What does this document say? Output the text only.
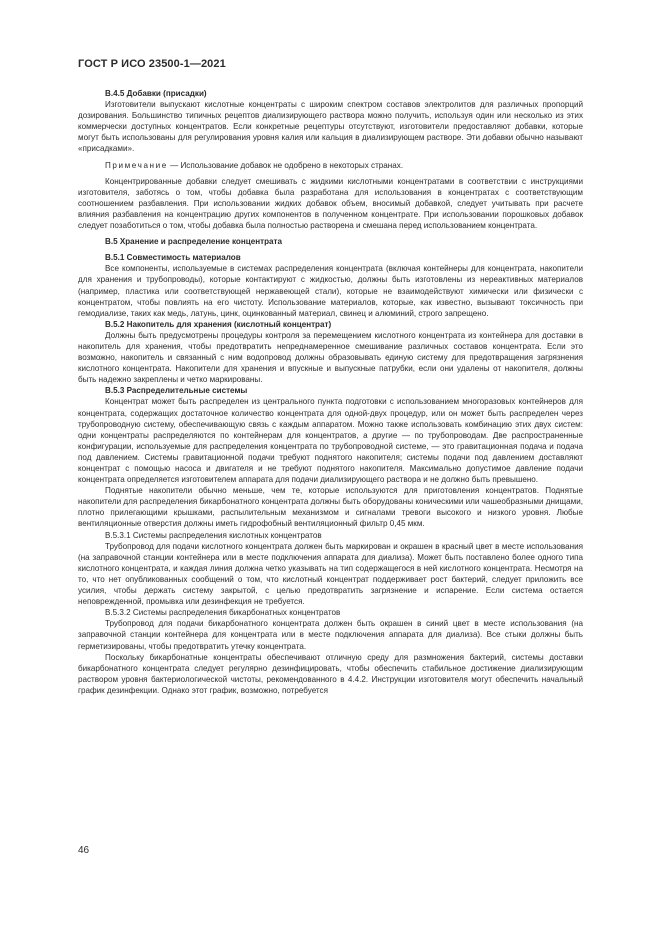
ГОСТ Р ИСО 23500-1—2021
В.4.5 Добавки (присадки)

Изготовители выпускают кислотные концентраты с широким спектром составов электролитов для различных пропорций дозирования. Большинство типичных рецептов диализирующего раствора можно получить, используя один или несколько из этих коммерчески доступных концентратов. Если конкретные рецептуры отсутствуют, изготовители предоставляют добавки, которые могут быть использованы для регулирования уровня калия или кальция в диализирующем растворе. Эти добавки обычно называют «присадками».

Примечание — Использование добавок не одобрено в некоторых странах.

Концентрированные добавки следует смешивать с жидкими кислотными концентратами в соответствии с инструкциями изготовителя, заботясь о том, чтобы добавка была разработана для использования в концентратах с соответствующим соотношением разбавления. При использовании жидких добавок объем, вносимый добавкой, следует учитывать при расчете влияния разбавления на концентрацию других компонентов в полученном концентрате. При использовании порошковых добавок следует позаботиться о том, чтобы добавка была полностью растворена и смешана перед использованием концентрата.

В.5 Хранение и распределение концентрата
В.5.1 Совместимость материалов

Все компоненты, используемые в системах распределения концентрата (включая контейнеры для концентрата, накопители для хранения и трубопроводы), которые контактируют с жидкостью, должны быть изготовлены из нереактивных материалов (например, пластика или соответствующей нержавеющей стали), которые не взаимодействуют химически или физически с концентратом, чтобы повлиять на его чистоту. Использование материалов, которые, как известно, вызывают токсичность при гемодиализе, таких как медь, латунь, цинк, оцинкованный материал, свинец и алюминий, строго запрещено.

В.5.2 Накопитель для хранения (кислотный концентрат)

Должны быть предусмотрены процедуры контроля за перемещением кислотного концентрата из контейнера для доставки в накопитель для хранения, чтобы предотвратить непреднамеренное смешивание различных составов концентрата. Если это возможно, накопитель и связанный с ним водопровод должны образовывать единую систему для предотвращения загрязнения кислотного концентрата. Накопители для хранения и впускные и выпускные патрубки, если они удалены от накопителя, должны быть надежно закреплены и четко маркированы.

В.5.3 Распределительные системы

Концентрат может быть распределен из центрального пункта подготовки с использованием многоразовых контейнеров для концентрата, содержащих достаточное количество концентрата для одной-двух процедур, или он может быть распределен через трубопроводную систему, обеспечивающую связь с каждым аппаратом. Можно также использовать комбинацию этих двух систем: одни концентраты распределяются по контейнерам для концентратов, а другие — по трубопроводам. Две распространенные конфигурации, используемые для распределения концентрата по трубопроводной системе, — это гравитационная подача и подача под давлением. Системы гравитационной подачи требуют поднятого накопителя; системы подачи под давлением доставляют концентрат с помощью насоса и двигателя и не требуют поднятого накопителя. Максимально допустимое давление подачи концентрата определяется изготовителем аппарата для подачи диализирующего раствора и не должно быть превышено.

Поднятые накопители обычно меньше, чем те, которые используются для приготовления концентратов. Поднятые накопители для распределения бикарбонатного концентрата должны быть оборудованы коническими или чашеобразными днищами, плотно прилегающими крышками, распылительным механизмом и сигналами тревоги высокого и низкого уровня. Любые вентиляционные отверстия должны иметь гидрофобный вентиляционный фильтр 0,45 мкм.

В.5.3.1 Системы распределения кислотных концентратов

Трубопровод для подачи кислотного концентрата должен быть маркирован и окрашен в красный цвет в месте использования (на заправочной станции контейнера или в месте подключения аппарата для диализа). Может быть поставлено более одного типа кислотного концентрата, и каждая линия должна четко указывать на тип содержащегося в ней кислотного концентрата. Несмотря на то, что нет опубликованных сообщений о том, что кислотный концентрат поддерживает рост бактерий, следует приложить все усилия, чтобы держать систему закрытой, с целью предотвратить загрязнение и испарение. Если система остается неповрежденной, промывка или дезинфекция не требуется.

В.5.3.2 Системы распределения бикарбонатных концентратов

Трубопровод для подачи бикарбонатного концентрата должен быть окрашен в синий цвет в месте использования (на заправочной станции контейнера для концентрата или в месте подключения аппарата для диализа). Все стыки должны быть герметизированы, чтобы предотвратить утечку концентрата.

Поскольку бикарбонатные концентраты обеспечивают отличную среду для размножения бактерий, системы доставки бикарбонатного концентрата следует регулярно дезинфицировать, чтобы обеспечить стабильное достижение диализирующим раствором уровня бактериологической чистоты, рекомендованного в 4.4.2. Инструкции изготовителя могут обеспечить начальный график дезинфекции. Однако этот график, возможно, потребуется

46
